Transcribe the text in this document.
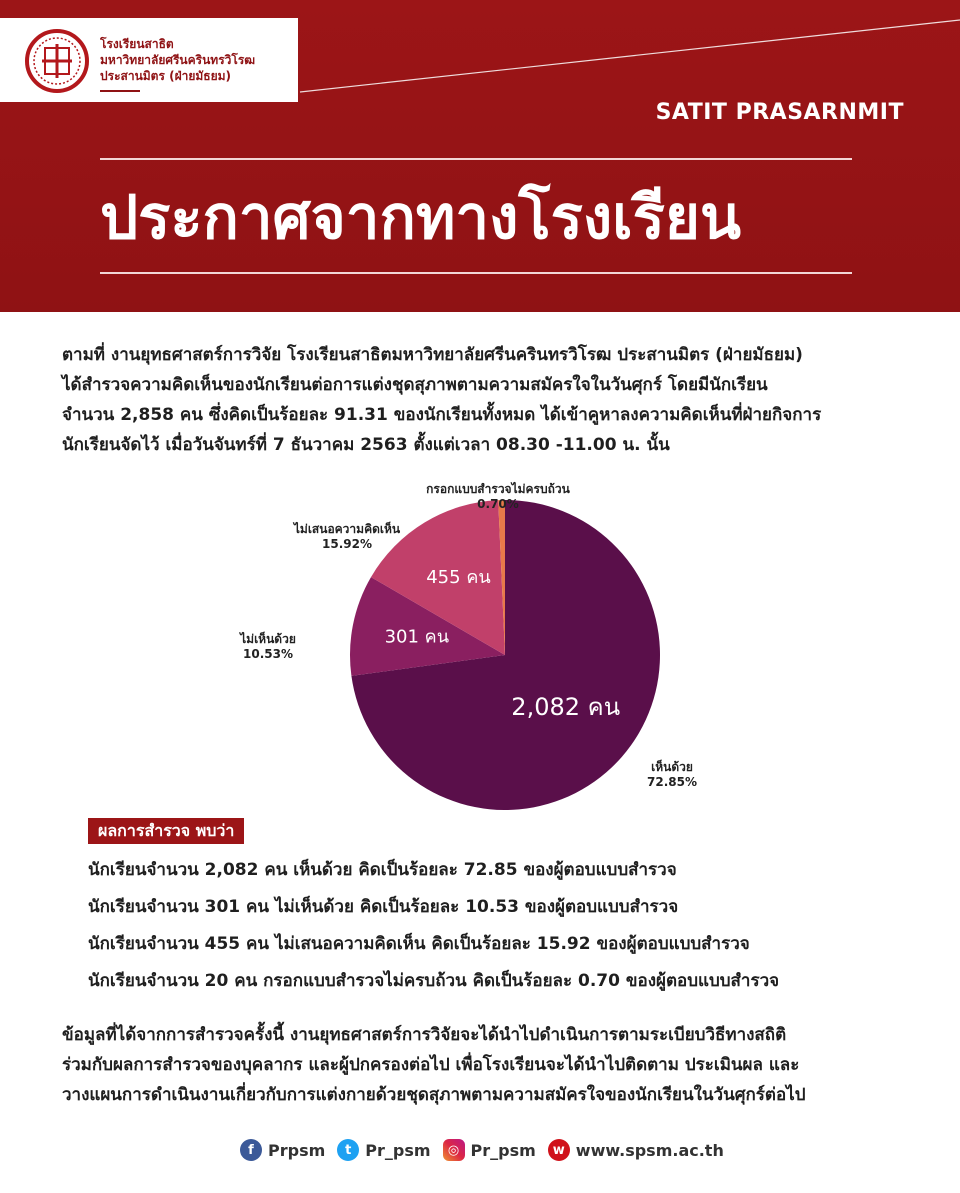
โรงเรียนสาธิต
มหาวิทยาลัยศรีนครินทรวิโรฒ
ประสานมิตร (ฝ่ายมัธยม)
SATIT PRASARNMIT
ประกาศจากทางโรงเรียน
ตามที่ งานยุทธศาสตร์การวิจัย โรงเรียนสาธิตมหาวิทยาลัยศรีนครินทรวิโรฒ ประสานมิตร (ฝ่ายมัธยม)
ได้สำรวจความคิดเห็นของนักเรียนต่อการแต่งชุดสุภาพตามความสมัครใจในวันศุกร์ โดยมีนักเรียน
จำนวน 2,858 คน ซึ่งคิดเป็นร้อยละ 91.31 ของนักเรียนทั้งหมด ได้เข้าคูหาลงความคิดเห็นที่ฝ่ายกิจการ
นักเรียนจัดไว้ เมื่อวันจันทร์ที่ 7 ธันวาคม 2563 ตั้งแต่เวลา 08.30 -11.00 น. นั้น
2,082 คน
301 คน
455 คน
กรอกแบบสำรวจไม่ครบถ้วน
0.70%
ไม่เสนอความคิดเห็น
15.92%
ไม่เห็นด้วย
10.53%
เห็นด้วย
72.85%
ผลการสำรวจ พบว่า
นักเรียนจำนวน 2,082 คน เห็นด้วย คิดเป็นร้อยละ 72.85 ของผู้ตอบแบบสำรวจ
นักเรียนจำนวน 301 คน ไม่เห็นด้วย คิดเป็นร้อยละ 10.53 ของผู้ตอบแบบสำรวจ
นักเรียนจำนวน 455 คน ไม่เสนอความคิดเห็น คิดเป็นร้อยละ 15.92 ของผู้ตอบแบบสำรวจ
นักเรียนจำนวน 20 คน กรอกแบบสำรวจไม่ครบถ้วน คิดเป็นร้อยละ 0.70 ของผู้ตอบแบบสำรวจ
ข้อมูลที่ได้จากการสำรวจครั้งนี้ งานยุทธศาสตร์การวิจัยจะได้นำไปดำเนินการตามระเบียบวิธีทางสถิติ
ร่วมกับผลการสำรวจของบุคลากร และผู้ปกครองต่อไป เพื่อโรงเรียนจะได้นำไปติดตาม ประเมินผล และ
วางแผนการดำเนินงานเกี่ยวกับการแต่งกายด้วยชุดสุภาพตามความสมัครใจของนักเรียนในวันศุกร์ต่อไป
f Prpsm	t Pr_psm	◎ Pr_psm	w www.spsm.ac.th
